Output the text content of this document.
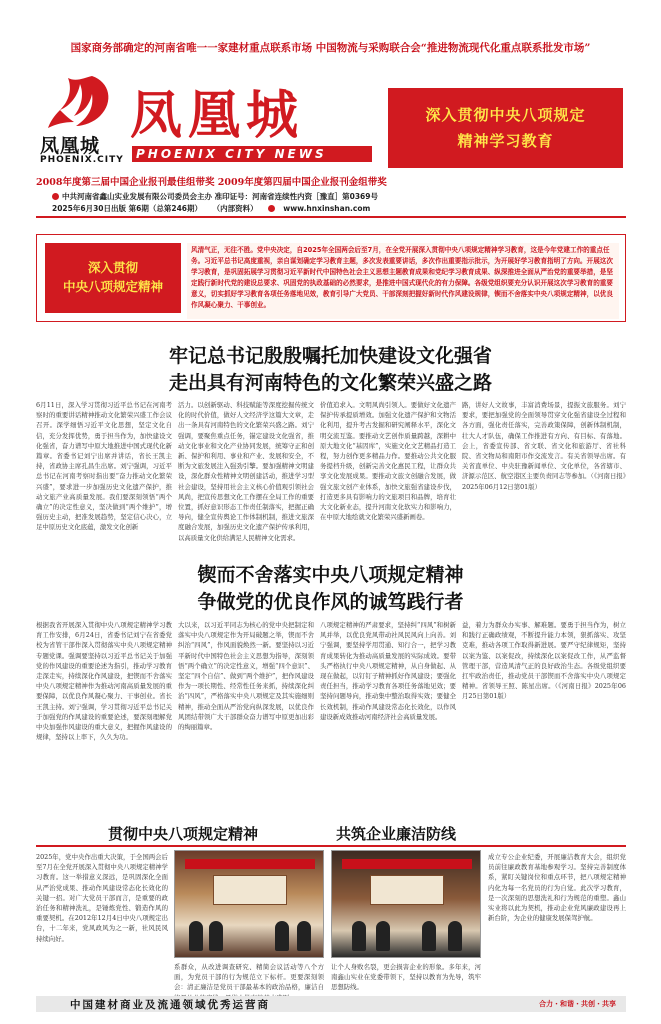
国家商务部确定的河南省唯一一家建材重点联系市场 中国物流与采购联合会“推进物流现代化重点联系批发市场”
凤凰城
PHOENIX.CITY
凤凰城
PHOENIX CITY NEWS
深入贯彻中央八项规定
精神学习教育
2008年度第三届中国企业报刊最佳组带奖 2009年度第四届中国企业报刊金组带奖
中共河南省鑫山实业发展有限公司委员会主办 准印证号：河南省连续性内资［豫直］第0369号
2025年6月30日出版 第6期（总第246期） （内部资料）	www.hnxinshan.com
深入贯彻
中央八项规定精神
风清气正，无往不胜。党中央决定，自2025年全国两会后至7月，在全党开展深入贯彻中央八项规定精神学习教育，这是今年党建工作的重点任务。习近平总书记高度重视，亲自谋划确定学习教育主题，多次发表重要讲话，多次作出重要指示批示，为开展好学习教育指明了方向。开展这次学习教育，是巩固拓展学习贯彻习近平新时代中国特色社会主义思想主题教育成果和党纪学习教育成果、纵深推进全面从严治党的重要举措，是坚定践行新时代党的建设总要求、巩固党的执政基础的必然要求，是推进中国式现代化的有力保障。各级党组织要充分认识开展这次学习教育的重要意义，切实抓好学习教育各项任务落地见效，教育引导广大党员、干部深刻把握好新时代作风建设规律，锲而不舍落实中央八项规定精神，以优良作风凝心聚力、干事创业。
牢记总书记殷殷嘱托加快建设文化强省
走出具有河南特色的文化繁荣兴盛之路
6月11日，深入学习贯彻习近平总书记在河南考察时的重要讲话精神推动文化繁荣兴盛工作会议召开。深学细悟习近平文化思想，坚定文化自信，充分发挥优势，勇于担当作为，加快建设文化强省，奋力谱写中原大地推进中国式现代化新篇章。省委书记刘宁出席并讲话，省长王凯主持，省政协主席孔昌生出席。刘宁强调，习近平总书记在河南考察时指出要“奋力推动文化繁荣兴盛”，要求进一步加强历史文化遗产保护，推动文旅产业高质量发展。我们要深刻领悟“两个确立”的决定性意义，坚决做到“两个维护”，增强历史主动，把准发展趋势，坚定信心决心，立足中原历史文化底蕴，激发文化创新
活力。以创新驱动、科技赋能等深度挖掘传统文化的时代价值，做好人文经济学这篇大文章，走出一条具有河南特色的文化繁荣兴盛之路。刘宁强调，要聚焦重点任务，锚定建设文化强省，推动文化事业和文化产业协同发展，统筹守正和创新、保护和利用、事业和产业、发展和安全，不断为文旅发展注入强劲引擎。要加强精神文明建设，深化群众性精神文明创建活动，推进学习型社会建设，坚持用社会主义核心价值观引领社会风尚，把宣传思想文化工作摆在全局工作的重要位置，抓好意识形态工作责任制落实，把握正确导向，健全宣传舆论工作体制机制，推进文旅深度融合发展，加强历史文化遗产保护传承利用，以高质量文化供给满足人民精神文化需求。
价值追求入。文明风尚引领人。要做好文化遗产保护传承提质增效。加强文化遗产保护和文物活化利用，提升考古发掘和研究阐释水平，深化文明交流互鉴。要推动文艺创作质量跨越，深耕中原大地文化“基因库”，实施文化文艺精品打造工程，努力创作更多精品力作。要推动公共文化服务提档升级，创新完善文化惠民工程，让群众共享文化发展成果。要推动文旅文创融合发展，做强文旅文创产业体系，加快文旅强省建设步伐，打造更多具有影响力的文旅项目和品牌，培育壮大文化新业态，提升河南文化软实力和影响力，在中原大地绘就文化繁荣兴盛新画卷。
路，讲好人文故事，丰富消费场景，提振文旅服务。刘宁要求，要把加强党的全面领导贯穿文化强省建设全过程和各方面，强化责任落实，完善政策保障，创新体制机制，壮大人才队伍，确保工作推进有方向、有目标、有落地。会上，省委宣传部、省文联、省文化和旅游厅、省社科院、省文物局和南阳市作交流发言。有关省领导出席。有关省直单位、中央驻豫新闻单位、文化单位，各省辖市、济源示范区、航空港区主要负责同志等参加。（《河南日报》2025年06月12日第01版）
锲而不舍落实中央八项规定精神
争做党的优良作风的诚笃践行者
根据我省开展深入贯彻中央八项规定精神学习教育工作安排，6月24日，省委书记刘宁在省委党校为省管干部作深入贯彻落实中央八项规定精神专题党课。强调要坚持以习近平总书记关于加强党的作风建设的重要论述为指引，推动学习教育走深走实，持续深化作风建设，把锲而不舍落实中央八项规定精神作为推动河南高质量发展的重要保障，以优良作风凝心聚力、干事创业。省长王凯主持。刘宁强调，学习贯彻习近平总书记关于加强党的作风建设的重要论述，要深刻理解党中央加强作风建设的重大意义，把握作风建设的规律，坚持以上率下，久久为功。
大以来，以习近平同志为核心的党中央把制定和落实中央八项规定作为开局破题之举，锲而不舍纠治“四风”，作风面貌焕然一新。要坚持以习近平新时代中国特色社会主义思想为指导，深刻领悟“两个确立”的决定性意义，增强“四个意识”、坚定“四个自信”、做到“两个维护”，把作风建设作为一项长期性、经常性任务来抓，持续深化纠治“四风”，严格落实中央八项规定及其实施细则精神，推动全面从严治党向纵深发展，以优良作风团结带领广大干部群众奋力谱写中原更加出彩的绚丽篇章。
八项规定精神的严肃要求，坚持纠“四风”和树新风并举，以优良党风带动社风民风向上向善。刘宁强调，要坚持学用贯通、知行合一，把学习教育成果转化为推动高质量发展的实际成效。要带头严格执行中央八项规定精神，从自身做起、从现在做起，以钉钉子精神抓好作风建设；要强化责任担当，推动学习教育各项任务落地见效；要坚持问题导向，推动集中整治取得实效；要健全长效机制，推动作风建设常态化长效化，以作风建设新成效推动河南经济社会高质量发展。
益，着力为群众办实事、解难题。要勇于担当作为，树立和践行正确政绩观，不断提升能力本领，狠抓落实、攻坚克难，推动各项工作取得新进展。要严守纪律规矩，坚持以案为鉴、以案促改，持续深化以案促改工作，从严监督管理干部，营造风清气正的良好政治生态。各级党组织要扛牢政治责任，推动党员干部锲而不舍落实中央八项规定精神。省领导王照、陈星出席。（《河南日报》2025年06月25日第01版）
贯彻中央八项规定精神	共筑企业廉洁防线
2025年，党中央作出重大决策，于全国两会后至7月在全党开展深入贯彻中央八项规定精神学习教育。这一举措意义深远，是巩固深化全面从严治党成果、推动作风建设常态化长效化的关键一招。对广大党员干部而言，是重要的政治任务和精神洗礼，是锤炼党性、锻造作风的重要契机。在2012年12月4日中央八项规定出台，十二年来，党风政风为之一新，社风民风持续向好。
系群众，从改进调查研究、精简会议活动等八个方面，为党员干部的行为规范立下标杆。更要深刻领会：清正廉洁是党员干部最基本的政治品格，廉洁自
让个人身败名裂，更会损害企业的形象。多年来，河南鑫山实业在党委带领下，坚持以教育为先导，筑牢思想防线。
成立专公企业纪委，开展廉洁教育大会，组织党员前往廉政教育基地参观学习。坚持完善制度体系，紧盯关键岗位和重点环节，把八项规定精神内化为每一名党员的行为自觉。此次学习教育，是一次深刻的思想洗礼和行为规范的重塑。鑫山实业将以此为契机，推动企业党风廉政建设再上新台阶，为企业的健康发展保驾护航。
中国建材商业及流通领域优秀运营商	合力・和谐・共创・共享
